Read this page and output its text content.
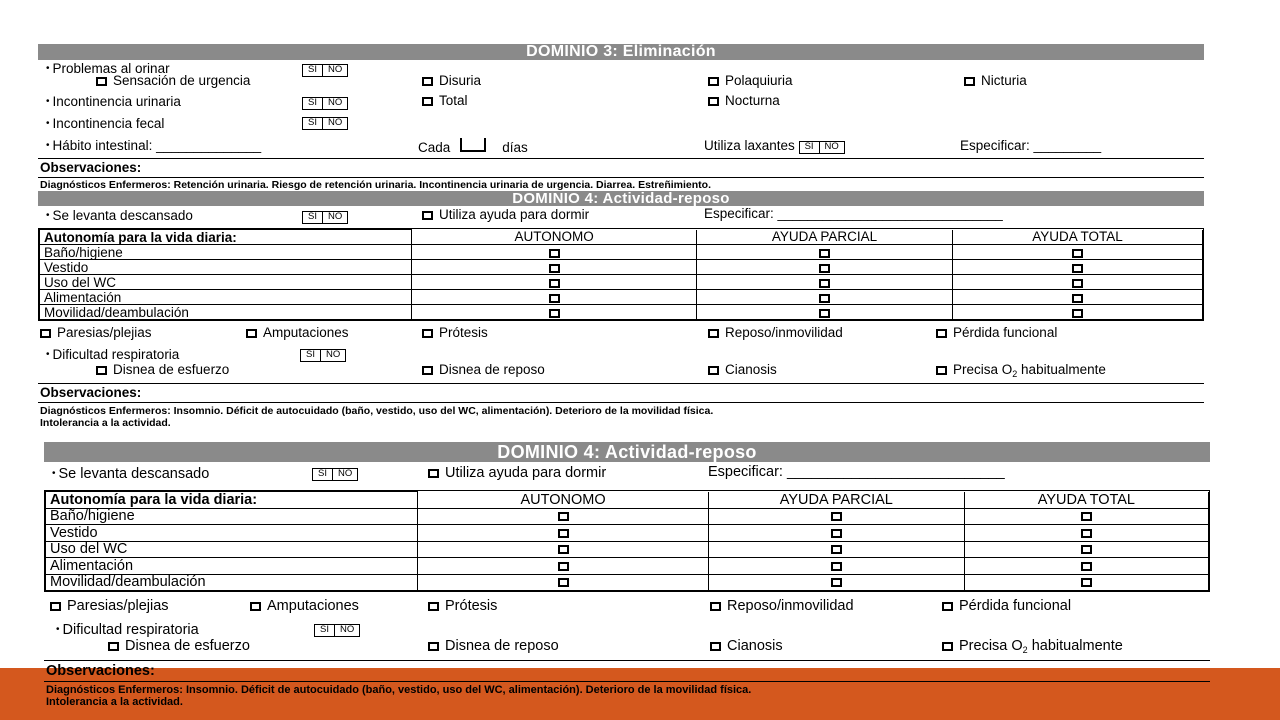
DOMINIO 3: Eliminación
• Problemas al orinar	SI	NO
Sensación de urgencia	Disuria	Polaquiuria	Nicturia
• Incontinencia urinaria	SI	NO	Total	Nocturna
• Incontinencia fecal	SI	NO
• Hábito intestinal: ______________	Cada	días	Utiliza laxantes	SI	NO	Especificar: _________
Observaciones:
Diagnósticos Enfermeros: Retención urinaria. Riesgo de retención urinaria. Incontinencia urinaria de urgencia. Diarrea. Estreñimiento.
DOMINIO 4: Actividad-reposo
• Se levanta descansado	SI	NO	Utiliza ayuda para dormir	Especificar: ______________________________
Autonomía para la vida diaria:	AUTONOMO	AYUDA PARCIAL	AYUDA TOTAL
Baño/higiene			
Vestido			
Uso del WC			
Alimentación			
Movilidad/deambulación			
Paresias/plejias	Amputaciones	Prótesis	Reposo/inmovilidad	Pérdida funcional
• Dificultad respiratoria	SI	NO
Disnea de esfuerzo	Disnea de reposo	Cianosis	Precisa $O_2$ habitualmente
Observaciones:
Diagnósticos Enfermeros: Insomnio. Déficit de autocuidado (baño, vestido, uso del WC, alimentación). Deterioro de la movilidad física.
Intolerancia a la actividad.
DOMINIO 4: Actividad-reposo
• Se levanta descansado	SI	NO	Utiliza ayuda para dormir	Especificar: ___________________________
Autonomía para la vida diaria:	AUTONOMO	AYUDA PARCIAL	AYUDA TOTAL
Baño/higiene			
Vestido			
Uso del WC			
Alimentación			
Movilidad/deambulación			
Paresias/plejias	Amputaciones	Prótesis	Reposo/inmovilidad	Pérdida funcional
• Dificultad respiratoria	SI	NO
Disnea de esfuerzo	Disnea de reposo	Cianosis	Precisa $O_2$ habitualmente
Observaciones:
Diagnósticos Enfermeros: Insomnio. Déficit de autocuidado (baño, vestido, uso del WC, alimentación). Deterioro de la movilidad física.
Intolerancia a la actividad.
